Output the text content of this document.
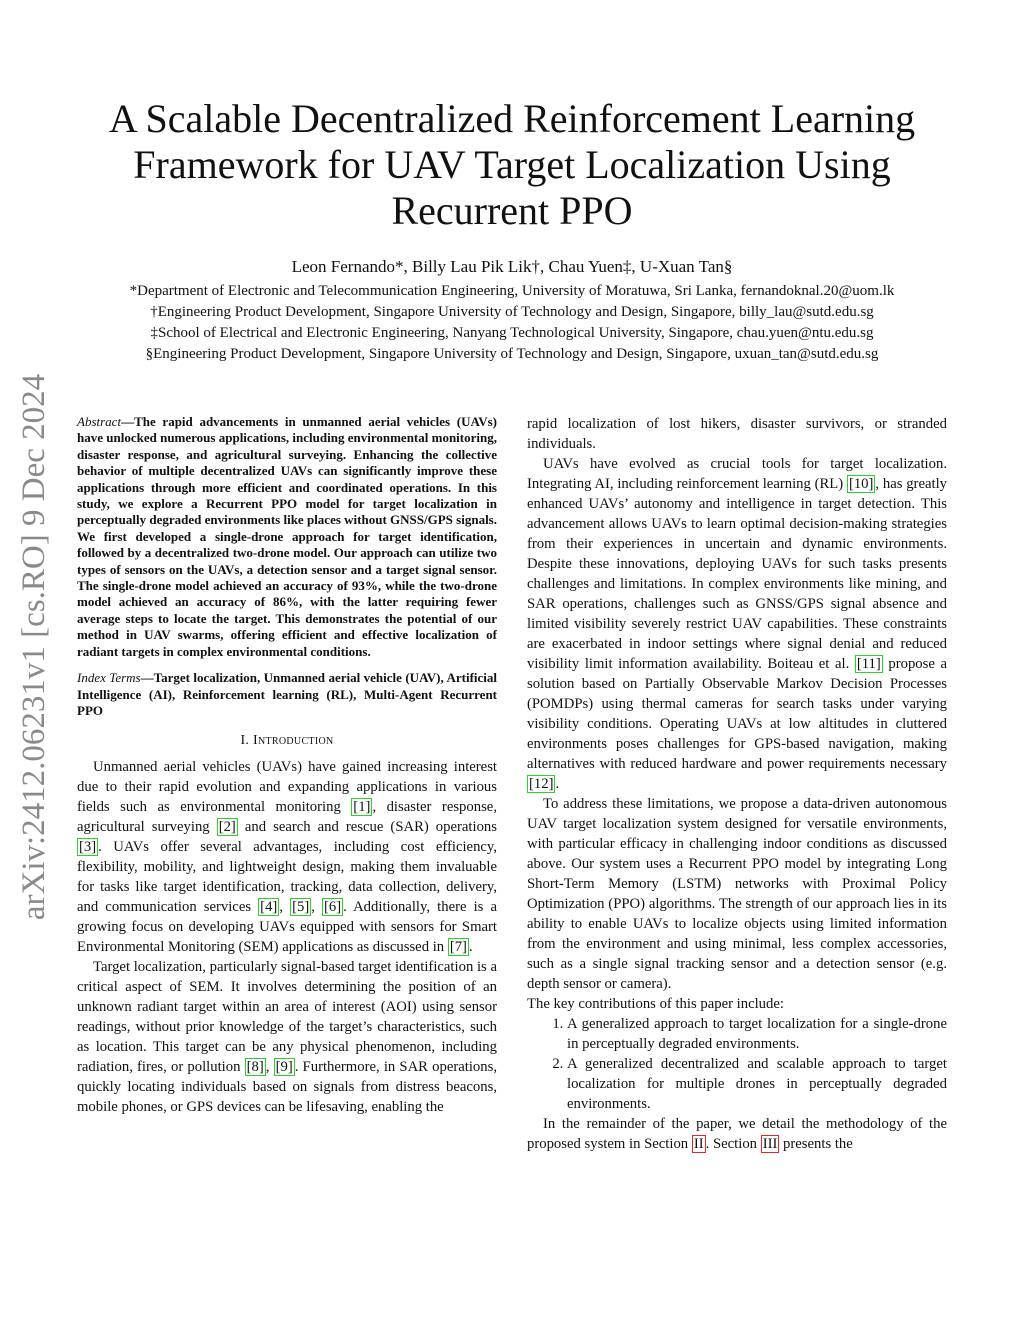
arXiv:2412.06231v1 [cs.RO] 9 Dec 2024
A Scalable Decentralized Reinforcement Learning Framework for UAV Target Localization Using Recurrent PPO

Leon Fernando*, Billy Lau Pik Lik†, Chau Yuen‡, U-Xuan Tan§

*Department of Electronic and Telecommunication Engineering, University of Moratuwa, Sri Lanka, fernandoknal.20@uom.lk
†Engineering Product Development, Singapore University of Technology and Design, Singapore, billy_lau@sutd.edu.sg
‡School of Electrical and Electronic Engineering, Nanyang Technological University, Singapore, chau.yuen@ntu.edu.sg
§Engineering Product Development, Singapore University of Technology and Design, Singapore, uxuan_tan@sutd.edu.sg

Abstract—The rapid advancements in unmanned aerial vehicles (UAVs) have unlocked numerous applications, including environmental monitoring, disaster response, and agricultural surveying. Enhancing the collective behavior of multiple decentralized UAVs can significantly improve these applications through more efficient and coordinated operations. In this study, we explore a Recurrent PPO model for target localization in perceptually degraded environments like places without GNSS/GPS signals. We first developed a single-drone approach for target identification, followed by a decentralized two-drone model. Our approach can utilize two types of sensors on the UAVs, a detection sensor and a target signal sensor. The single-drone model achieved an accuracy of 93%, while the two-drone model achieved an accuracy of 86%, with the latter requiring fewer average steps to locate the target. This demonstrates the potential of our method in UAV swarms, offering efficient and effective localization of radiant targets in complex environmental conditions.

Index Terms—Target localization, Unmanned aerial vehicle (UAV), Artificial Intelligence (AI), Reinforcement learning (RL), Multi-Agent Recurrent PPO

I. Introduction

Unmanned aerial vehicles (UAVs) have gained increasing interest due to their rapid evolution and expanding applications in various fields such as environmental monitoring [1] , disaster response, agricultural surveying [2] and search and rescue (SAR) operations [3] . UAVs offer several advantages, including cost efficiency, flexibility, mobility, and lightweight design, making them invaluable for tasks like target identification, tracking, data collection, delivery, and communication services [4] , [5] , [6] . Additionally, there is a growing focus on developing UAVs equipped with sensors for Smart Environmental Monitoring (SEM) applications as discussed in [7] .

Target localization, particularly signal-based target identification is a critical aspect of SEM. It involves determining the position of an unknown radiant target within an area of interest (AOI) using sensor readings, without prior knowledge of the target’s characteristics, such as location. This target can be any physical phenomenon, including radiation, fires, or pollution [8] , [9] . Furthermore, in SAR operations, quickly locating individuals based on signals from distress beacons, mobile phones, or GPS devices can be lifesaving, enabling the

rapid localization of lost hikers, disaster survivors, or stranded individuals.

UAVs have evolved as crucial tools for target localization. Integrating AI, including reinforcement learning (RL) [10] , has greatly enhanced UAVs’ autonomy and intelligence in target detection. This advancement allows UAVs to learn optimal decision-making strategies from their experiences in uncertain and dynamic environments. Despite these innovations, deploying UAVs for such tasks presents challenges and limitations. In complex environments like mining, and SAR operations, challenges such as GNSS/GPS signal absence and limited visibility severely restrict UAV capabilities. These constraints are exacerbated in indoor settings where signal denial and reduced visibility limit information availability. Boiteau et al. [11] propose a solution based on Partially Observable Markov Decision Processes (POMDPs) using thermal cameras for search tasks under varying visibility conditions. Operating UAVs at low altitudes in cluttered environments poses challenges for GPS-based navigation, making alternatives with reduced hardware and power requirements necessary [12] .

To address these limitations, we propose a data-driven autonomous UAV target localization system designed for versatile environments, with particular efficacy in challenging indoor conditions as discussed above. Our system uses a Recurrent PPO model by integrating Long Short-Term Memory (LSTM) networks with Proximal Policy Optimization (PPO) algorithms. The strength of our approach lies in its ability to enable UAVs to localize objects using limited information from the environment and using minimal, less complex accessories, such as a single signal tracking sensor and a detection sensor (e.g. depth sensor or camera).

The key contributions of this paper include:

1. A generalized approach to target localization for a single-drone in perceptually degraded environments.
2. A generalized decentralized and scalable approach to target localization for multiple drones in perceptually degraded environments.

In the remainder of the paper, we detail the methodology of the proposed system in Section II . Section III presents the
